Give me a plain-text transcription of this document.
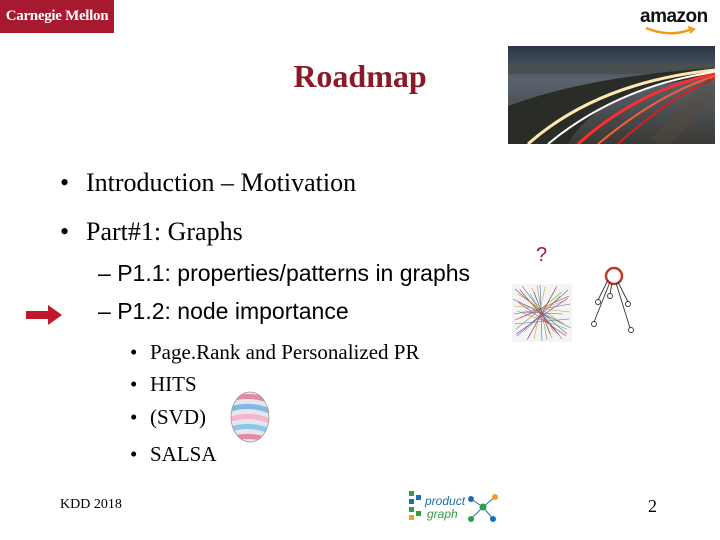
Carnegie Mellon	amazon
Roadmap
• Introduction – Motivation
• Part#1: Graphs
– P1.1: properties/patterns in graphs
– P1.2: node importance
• Page.Rank and Personalized PR
• HITS
• (SVD)
• SALSA
?
KDD 2018	product
graph	2
